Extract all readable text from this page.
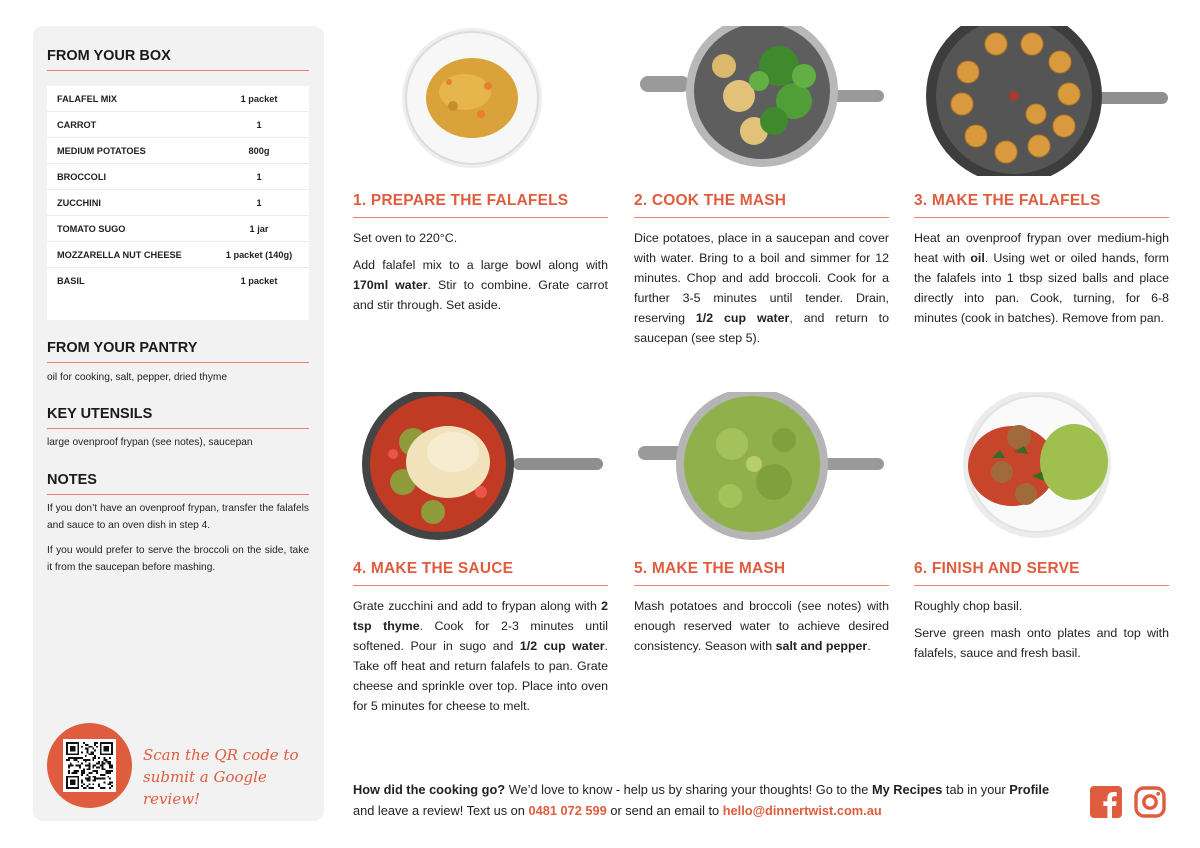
FROM YOUR BOX
FALAFEL MIX	1 packet
CARROT	1
MEDIUM POTATOES	800g
BROCCOLI	1
ZUCCHINI	1
TOMATO SUGO	1 jar
MOZZARELLA NUT CHEESE	1 packet (140g)
BASIL	1 packet
FROM YOUR PANTRY
oil for cooking, salt, pepper, dried thyme
KEY UTENSILS
large ovenproof frypan (see notes), saucepan
NOTES

If you don’t have an ovenproof frypan, transfer the falafels and sauce to an oven dish in step 4.

If you would prefer to serve the broccoli on the side, take it from the saucepan before mashing.

Scan the QR code to
submit a Google review!
1. PREPARE THE FALAFELS

Set oven to 220°C.

Add falafel mix to a large bowl along with 170ml water. Stir to combine. Grate carrot and stir through. Set aside.

2. COOK THE MASH

Dice potatoes, place in a saucepan and cover with water. Bring to a boil and simmer for 12 minutes. Chop and add broccoli. Cook for a further 3-5 minutes until tender. Drain, reserving 1/2 cup water, and return to saucepan (see step 5).

3. MAKE THE FALAFELS

Heat an ovenproof frypan over medium-high heat with oil. Using wet or oiled hands, form the falafels into 1 tbsp sized balls and place directly into pan. Cook, turning, for 6-8 minutes (cook in batches). Remove from pan.

4. MAKE THE SAUCE

Grate zucchini and add to frypan along with 2 tsp thyme. Cook for 2-3 minutes until softened. Pour in sugo and 1/2 cup water. Take off heat and return falafels to pan. Grate cheese and sprinkle over top. Place into oven for 5 minutes for cheese to melt.

5. MAKE THE MASH

Mash potatoes and broccoli (see notes) with enough reserved water to achieve desired consistency. Season with salt and pepper.

6. FINISH AND SERVE

Roughly chop basil.

Serve green mash onto plates and top with falafels, sauce and fresh basil.

How did the cooking go? We’d love to know - help us by sharing your thoughts! Go to the My Recipes tab in your Profile and leave a review! Text us on 0481 072 599 or send an email to hello@dinnertwist.com.au
